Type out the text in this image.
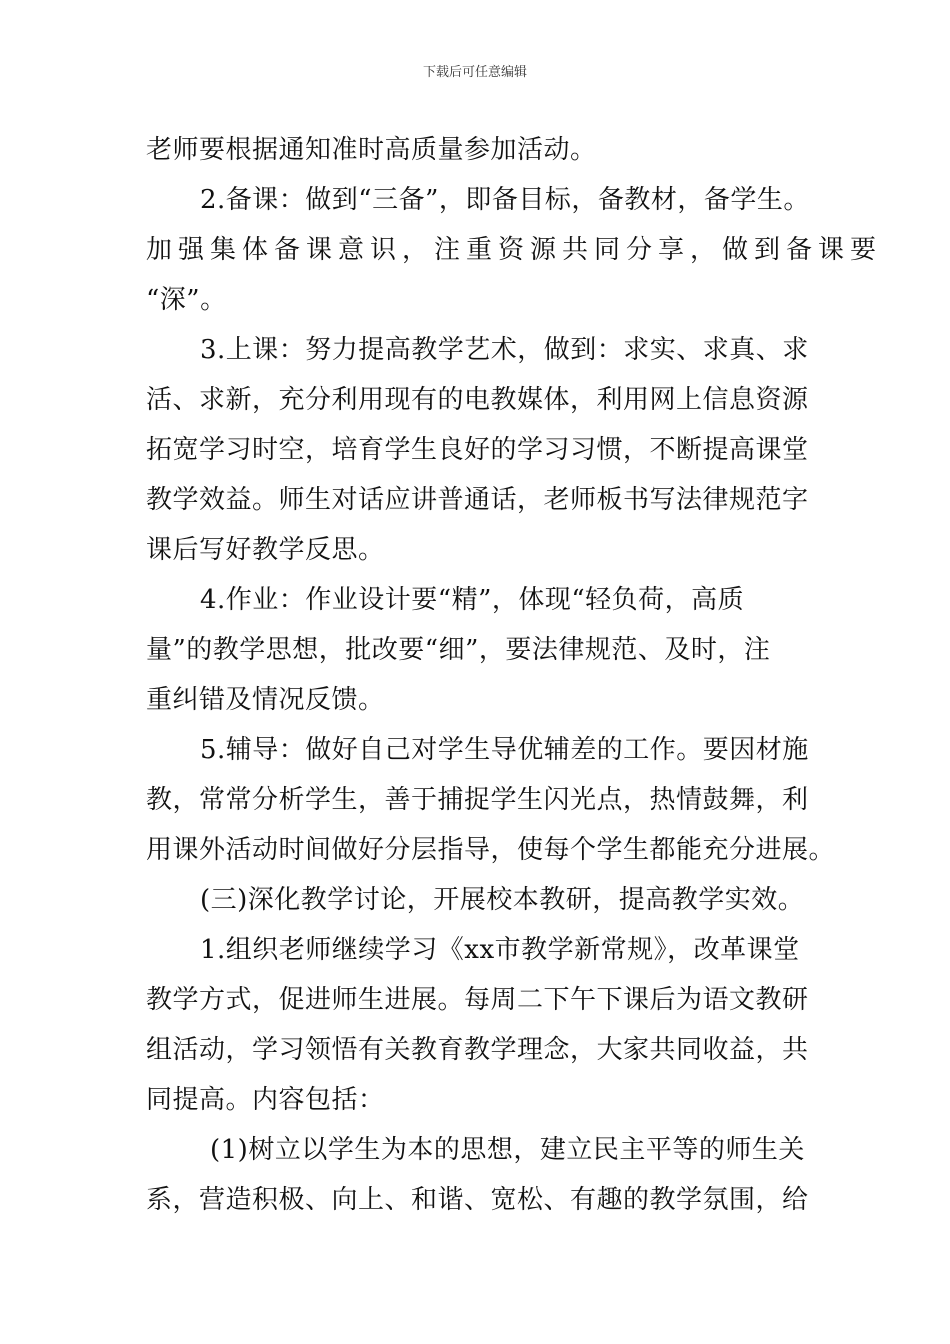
下载后可任意编辑
老师要根据通知准时高质量参加活动。
2.备课：做到“三备”，即备目标，备教材，备学生。
加强集体备课意识，注重资源共同分享，做到备课要
“深”。
3.上课：努力提高教学艺术，做到：求实、求真、求
活、求新，充分利用现有的电教媒体，利用网上信息资源
拓宽学习时空，培育学生良好的学习习惯，不断提高课堂
教学效益。师生对话应讲普通话，老师板书写法律规范字
课后写好教学反思。
4.作业：作业设计要“精”，体现“轻负荷，高质
量”的教学思想，批改要“细”，要法律规范、及时，注
重纠错及情况反馈。
5.辅导：做好自己对学生导优辅差的工作。要因材施
教，常常分析学生，善于捕捉学生闪光点，热情鼓舞，利
用课外活动时间做好分层指导，使每个学生都能充分进展。
(三)深化教学讨论，开展校本教研，提高教学实效。
1.组织老师继续学习《xx市教学新常规》，改革课堂
教学方式，促进师生进展。每周二下午下课后为语文教研
组活动，学习领悟有关教育教学理念，大家共同收益，共
同提高。内容包括：
(1)树立以学生为本的思想，建立民主平等的师生关
系，营造积极、向上、和谐、宽松、有趣的教学氛围，给
